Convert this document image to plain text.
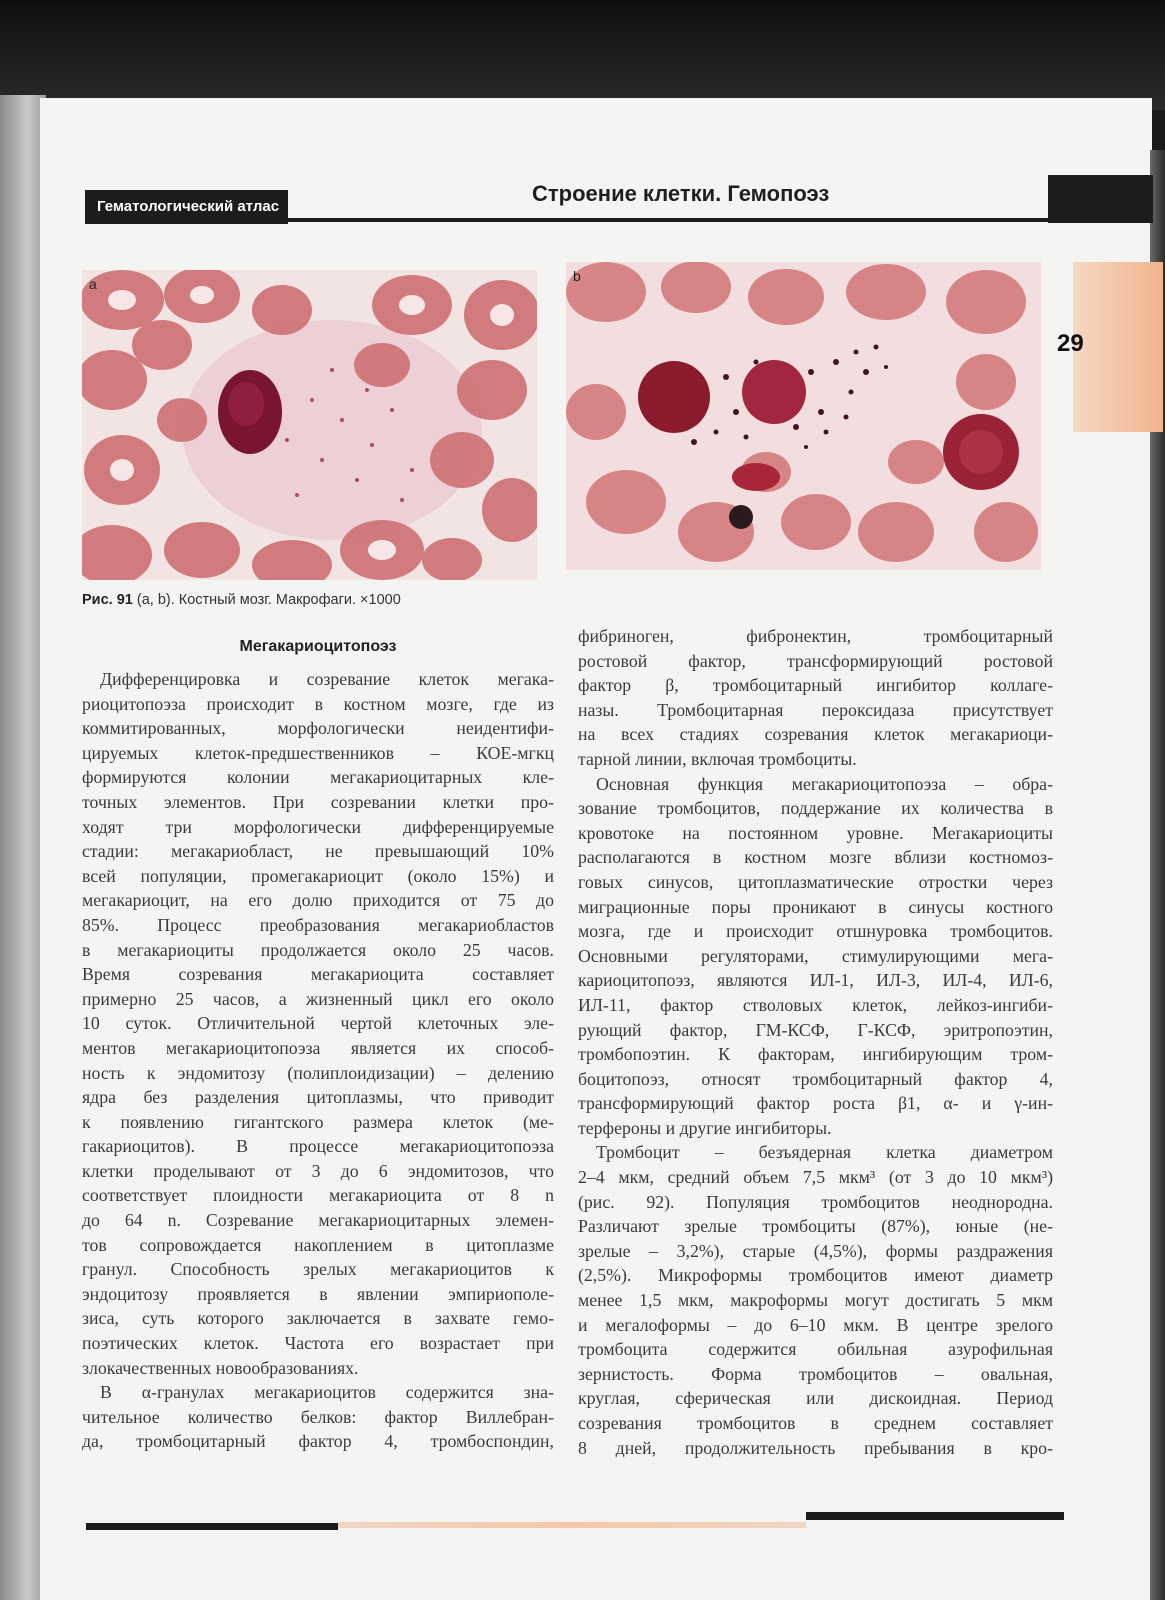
Гематологический атлас
Строение клетки. Гемопоэз
29
a	b
Рис. 91 (a, b). Костный мозг. Макрофаги. ×1000
Мегакариоцитопоэз
Дифференцировка и созревание клеток мегака-
риоцитопоэза происходит в костном мозге, где из
коммитированных, морфологически неидентифи-
цируемых клеток-предшественников – КОЕ-мгкц
формируются колонии мегакариоцитарных кле-
точных элементов. При созревании клетки про-
ходят три морфологически дифференцируемые
стадии: мегакариобласт, не превышающий 10%
всей популяции, промегакариоцит (около 15%) и
мегакариоцит, на его долю приходится от 75 до
85%. Процесс преобразования мегакариобластов
в мегакариоциты продолжается около 25 часов.
Время созревания мегакариоцита составляет
примерно 25 часов, а жизненный цикл его около
10 суток. Отличительной чертой клеточных эле-
ментов мегакариоцитопоэза является их способ-
ность к эндомитозу (полиплоидизации) – делению
ядра без разделения цитоплазмы, что приводит
к появлению гигантского размера клеток (ме-
гакариоцитов). В процессе мегакариоцитопоэза
клетки проделывают от 3 до 6 эндомитозов, что
соответствует плоидности мегакариоцита от 8 n
до 64 n. Созревание мегакариоцитарных элемен-
тов сопровождается накоплением в цитоплазме
гранул. Способность зрелых мегакариоцитов к
эндоцитозу проявляется в явлении эмпириополе-
зиса, суть которого заключается в захвате гемо-
поэтических клеток. Частота его возрастает при
злокачественных новообразованиях.
В α-гранулах мегакариоцитов содержится зна-
чительное количество белков: фактор Виллебран-
да, тромбоцитарный фактор 4, тромбоспондин,
фибриноген, фибронектин, тромбоцитарный
ростовой фактор, трансформирующий ростовой
фактор β, тромбоцитарный ингибитор коллаге-
назы. Тромбоцитарная пероксидаза присутствует
на всех стадиях созревания клеток мегакариоци-
тарной линии, включая тромбоциты.
Основная функция мегакариоцитопоэза – обра-
зование тромбоцитов, поддержание их количества в
кровотоке на постоянном уровне. Мегакариоциты
располагаются в костном мозге вблизи костномоз-
говых синусов, цитоплазматические отростки через
миграционные поры проникают в синусы костного
мозга, где и происходит отшнуровка тромбоцитов.
Основными регуляторами, стимулирующими мега-
кариоцитопоэз, являются ИЛ-1, ИЛ-3, ИЛ-4, ИЛ-6,
ИЛ-11, фактор стволовых клеток, лейкоз-ингиби-
рующий фактор, ГМ-КСФ, Г-КСФ, эритропоэтин,
тромбопоэтин. К факторам, ингибирующим тром-
боцитопоэз, относят тромбоцитарный фактор 4,
трансформирующий фактор роста β1, α- и γ-ин-
терфероны и другие ингибиторы.
Тромбоцит – безъядерная клетка диаметром
2–4 мкм, средний объем 7,5 мкм³ (от 3 до 10 мкм³)
(рис. 92). Популяция тромбоцитов неоднородна.
Различают зрелые тромбоциты (87%), юные (не-
зрелые – 3,2%), старые (4,5%), формы раздражения
(2,5%). Микроформы тромбоцитов имеют диаметр
менее 1,5 мкм, макроформы могут достигать 5 мкм
и мегалоформы – до 6–10 мкм. В центре зрелого
тромбоцита содержится обильная азурофильная
зернистость. Форма тромбоцитов – овальная,
круглая, сферическая или дискоидная. Период
созревания тромбоцитов в среднем составляет
8 дней, продолжительность пребывания в кро-
